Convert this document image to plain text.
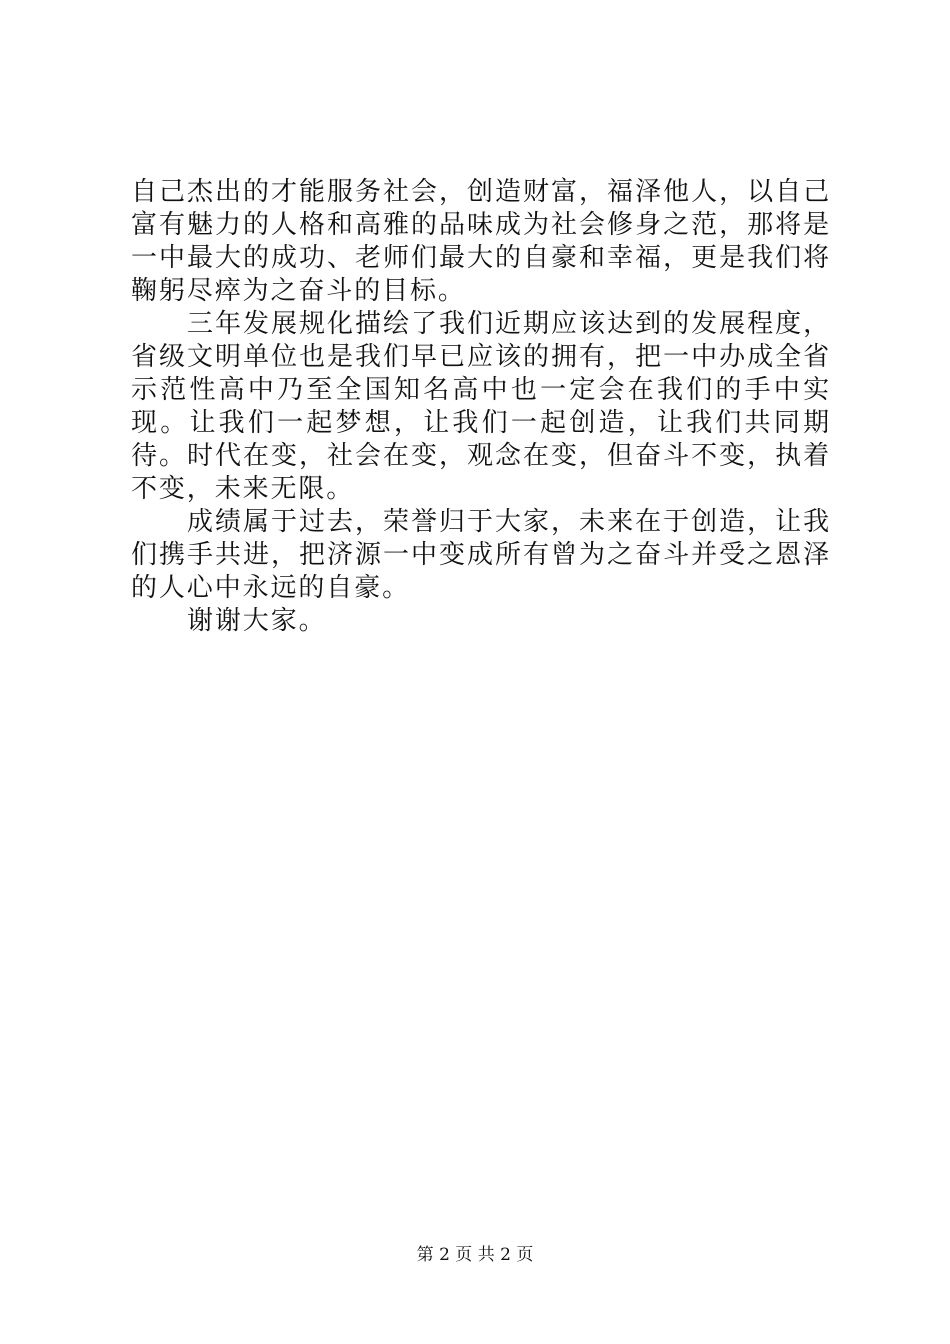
自己杰出的才能服务社会，创造财富，福泽他人，以自己富有魅力的人格和高雅的品味成为社会修身之范，那将是一中最大的成功、老师们最大的自豪和幸福，更是我们将鞠躬尽瘁为之奋斗的目标。

三年发展规化描绘了我们近期应该达到的发展程度，省级文明单位也是我们早已应该的拥有，把一中办成全省示范性高中乃至全国知名高中也一定会在我们的手中实现。让我们一起梦想，让我们一起创造，让我们共同期待。时代在变，社会在变，观念在变，但奋斗不变，执着不变，未来无限。

成绩属于过去，荣誉归于大家，未来在于创造，让我们携手共进，把济源一中变成所有曾为之奋斗并受之恩泽的人心中永远的自豪。

谢谢大家。

第 2 页 共 2 页
